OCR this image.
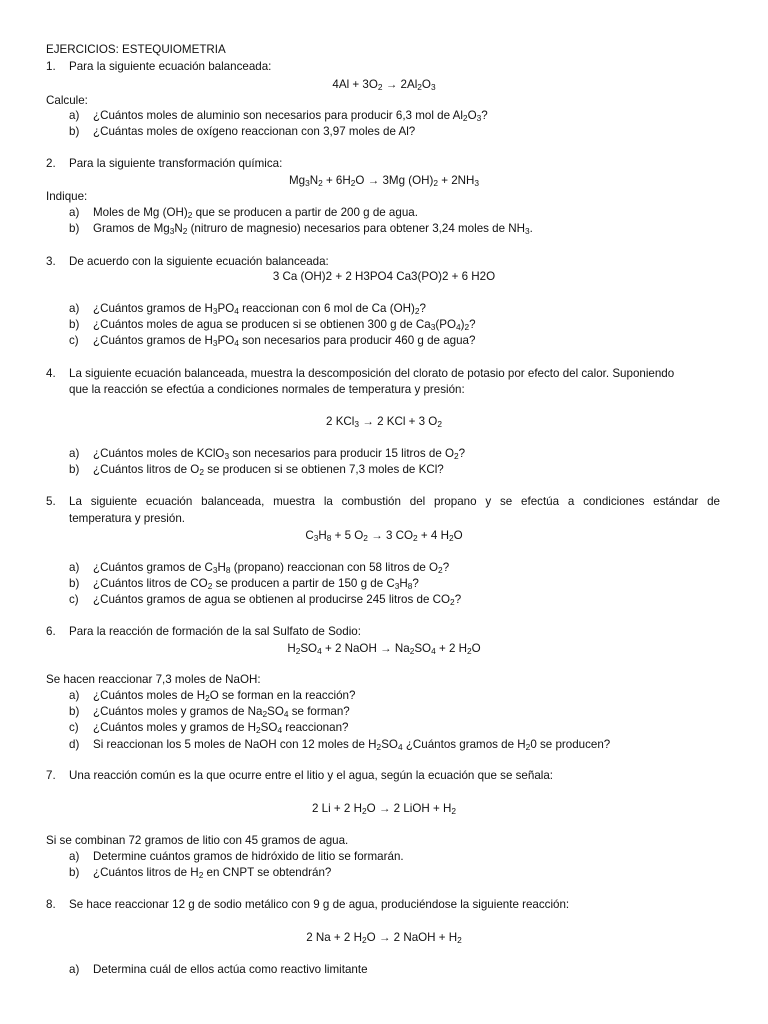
EJERCICIOS: ESTEQUIOMETRIA
1. Para la siguiente ecuación balanceada:
$4Al + 3O_2 \to 2Al_2O_3$
Calcule:
a) ¿Cuántos moles de aluminio son necesarios para producir 6,3 mol de $Al_2O_3$?
b) ¿Cuántas moles de oxígeno reaccionan con 3,97 moles de Al?
2. Para la siguiente transformación química:
$Mg_3N_2 + 6H_2O \to 3Mg$ $(OH)_2 + 2NH_3$
Indique:
a) Moles de Mg $(OH)_2$ que se producen a partir de 200 g de agua.
b) Gramos de $Mg_3N_2$ (nitruro de magnesio) necesarios para obtener 3,24 moles de $NH_3$.
3. De acuerdo con la siguiente ecuación balanceada:
3 Ca (OH)2 + 2 H3PO4 Ca3(PO)2 + 6 H2O
a) ¿Cuántos gramos de $H_3PO_4$ reaccionan con 6 mol de Ca $(OH)_2$?
b) ¿Cuántos moles de agua se producen si se obtienen 300 g de $Ca_3(PO_4)_2$?
c) ¿Cuántos gramos de $H_3PO_4$ son necesarios para producir 460 g de agua?
4. La siguiente ecuación balanceada, muestra la descomposición del clorato de potasio por efecto del calor. Suponiendo
que la reacción se efectúa a condiciones normales de temperatura y presión:
2 KCl$_3$ → 2 KCl + 3 $O_2$
a) ¿Cuántos moles de KClO$_3$ son necesarios para producir 15 litros de $O_2$?
b) ¿Cuántos litros de $O_2$ se producen si se obtienen 7,3 moles de KCl?
5. La siguiente ecuación balanceada, muestra la combustión del propano y se efectúa a condiciones estándar de
temperatura y presión.
$C_3H_8 + 5$ $O_2 \to 3$ $CO_2 + 4$ $H_2O$
a) ¿Cuántos gramos de $C_3H_8$ (propano) reaccionan con 58 litros de $O_2$?
b) ¿Cuántos litros de $CO_2$ se producen a partir de 150 g de $C_3H_8$?
c) ¿Cuántos gramos de agua se obtienen al producirse 245 litros de $CO_2$?
6. Para la reacción de formación de la sal Sulfato de Sodio:
$H_2SO_4 + 2$ NaOH → $Na_2SO_4 + 2$ $H_2O$
Se hacen reaccionar 7,3 moles de NaOH:
a) ¿Cuántos moles de $H_2O$ se forman en la reacción?
b) ¿Cuántos moles y gramos de $Na_2SO_4$ se forman?
c) ¿Cuántos moles y gramos de $H_2SO_4$ reaccionan?
d) Si reaccionan los 5 moles de NaOH con 12 moles de $H_2SO_4$ ¿Cuántos gramos de $H_20$ se producen?
7. Una reacción común es la que ocurre entre el litio y el agua, según la ecuación que se señala:
2 Li + 2 $H_2O \to 2$ LiOH + $H_2$
Si se combinan 72 gramos de litio con 45 gramos de agua.
a) Determine cuántos gramos de hidróxido de litio se formarán.
b) ¿Cuántos litros de $H_2$ en CNPT se obtendrán?
8. Se hace reaccionar 12 g de sodio metálico con 9 g de agua, produciéndose la siguiente reacción:
2 Na + 2 $H_2O \to 2$ NaOH + $H_2$
a) Determina cuál de ellos actúa como reactivo limitante
